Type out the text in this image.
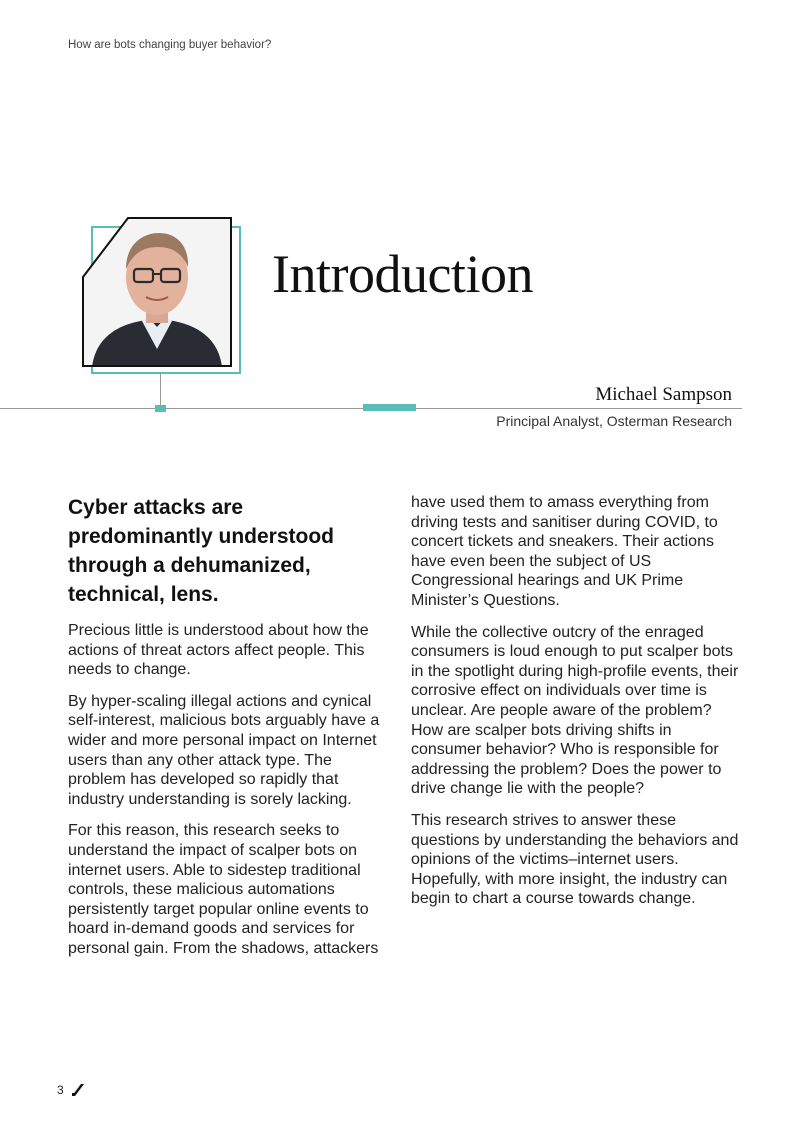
How are bots changing buyer behavior?
Introduction
Michael Sampson
Principal Analyst, Osterman Research

Cyber attacks are predominantly understood through a dehumanized, technical, lens.

Precious little is understood about how the actions of threat actors affect people. This needs to change.

By hyper-scaling illegal actions and cynical self-interest, malicious bots arguably have a wider and more personal impact on Internet users than any other attack type. The problem has developed so rapidly that industry understanding is sorely lacking.

For this reason, this research seeks to understand the impact of scalper bots on internet users. Able to sidestep traditional controls, these malicious automations persistently target popular online events to hoard in-demand goods and services for personal gain. From the shadows, attackers

have used them to amass everything from driving tests and sanitiser during COVID, to concert tickets and sneakers. Their actions have even been the subject of US Congressional hearings and UK Prime Minister’s Questions.

While the collective outcry of the enraged consumers is loud enough to put scalper bots in the spotlight during high-profile events, their corrosive effect on individuals over time is unclear. Are people aware of the problem? How are scalper bots driving shifts in consumer behavior? Who is responsible for addressing the problem? Does the power to drive change lie with the people?

This research strives to answer these questions by understanding the behaviors and opinions of the victims–internet users. Hopefully, with more insight, the industry can begin to chart a course towards change.

3
